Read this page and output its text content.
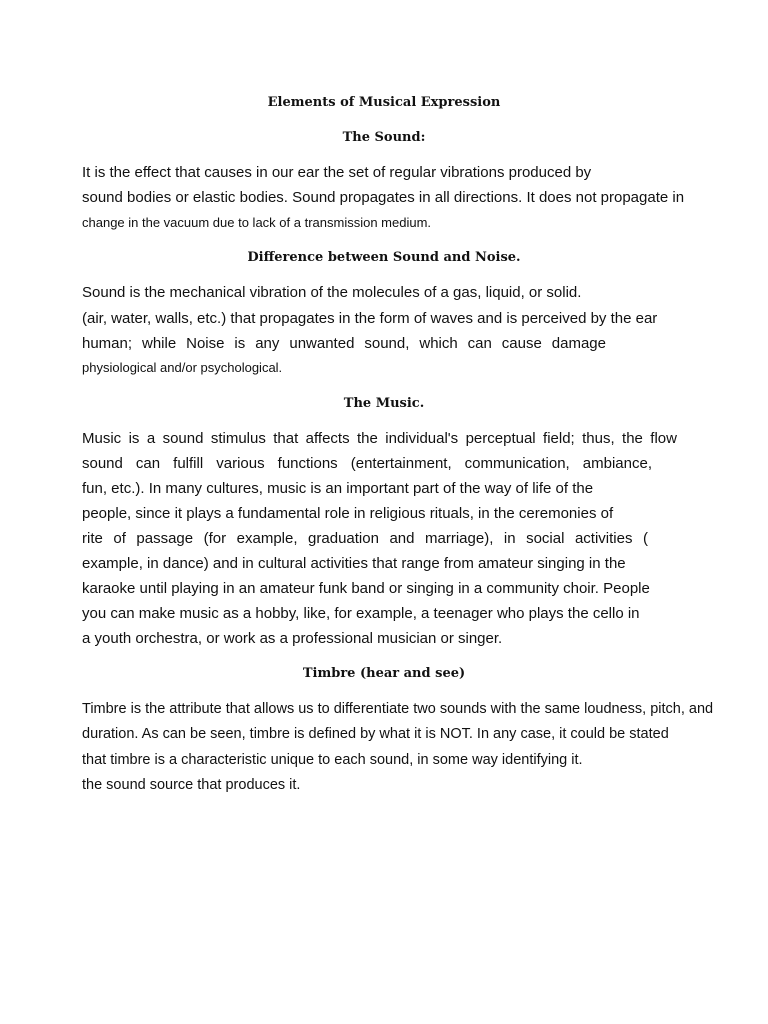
Elements of Musical Expression
The Sound:

It is the effect that causes in our ear the set of regular vibrations produced by

sound bodies or elastic bodies. Sound propagates in all directions. It does not propagate in

change in the vacuum due to lack of a transmission medium.

Difference between Sound and Noise.

Sound is the mechanical vibration of the molecules of a gas, liquid, or solid.

(air, water, walls, etc.) that propagates in the form of waves and is perceived by the ear

human; while Noise is any unwanted sound, which can cause damage

physiological and/or psychological.

The Music.

Music is a sound stimulus that affects the individual's perceptual field; thus, the flow

sound can fulfill various functions (entertainment, communication, ambiance,

fun, etc.). In many cultures, music is an important part of the way of life of the

people, since it plays a fundamental role in religious rituals, in the ceremonies of

rite of passage (for example, graduation and marriage), in social activities (

example, in dance) and in cultural activities that range from amateur singing in the

karaoke until playing in an amateur funk band or singing in a community choir. People

you can make music as a hobby, like, for example, a teenager who plays the cello in

a youth orchestra, or work as a professional musician or singer.

Timbre (hear and see)

Timbre is the attribute that allows us to differentiate two sounds with the same loudness, pitch, and

duration. As can be seen, timbre is defined by what it is NOT. In any case, it could be stated

that timbre is a characteristic unique to each sound, in some way identifying it.

the sound source that produces it.
